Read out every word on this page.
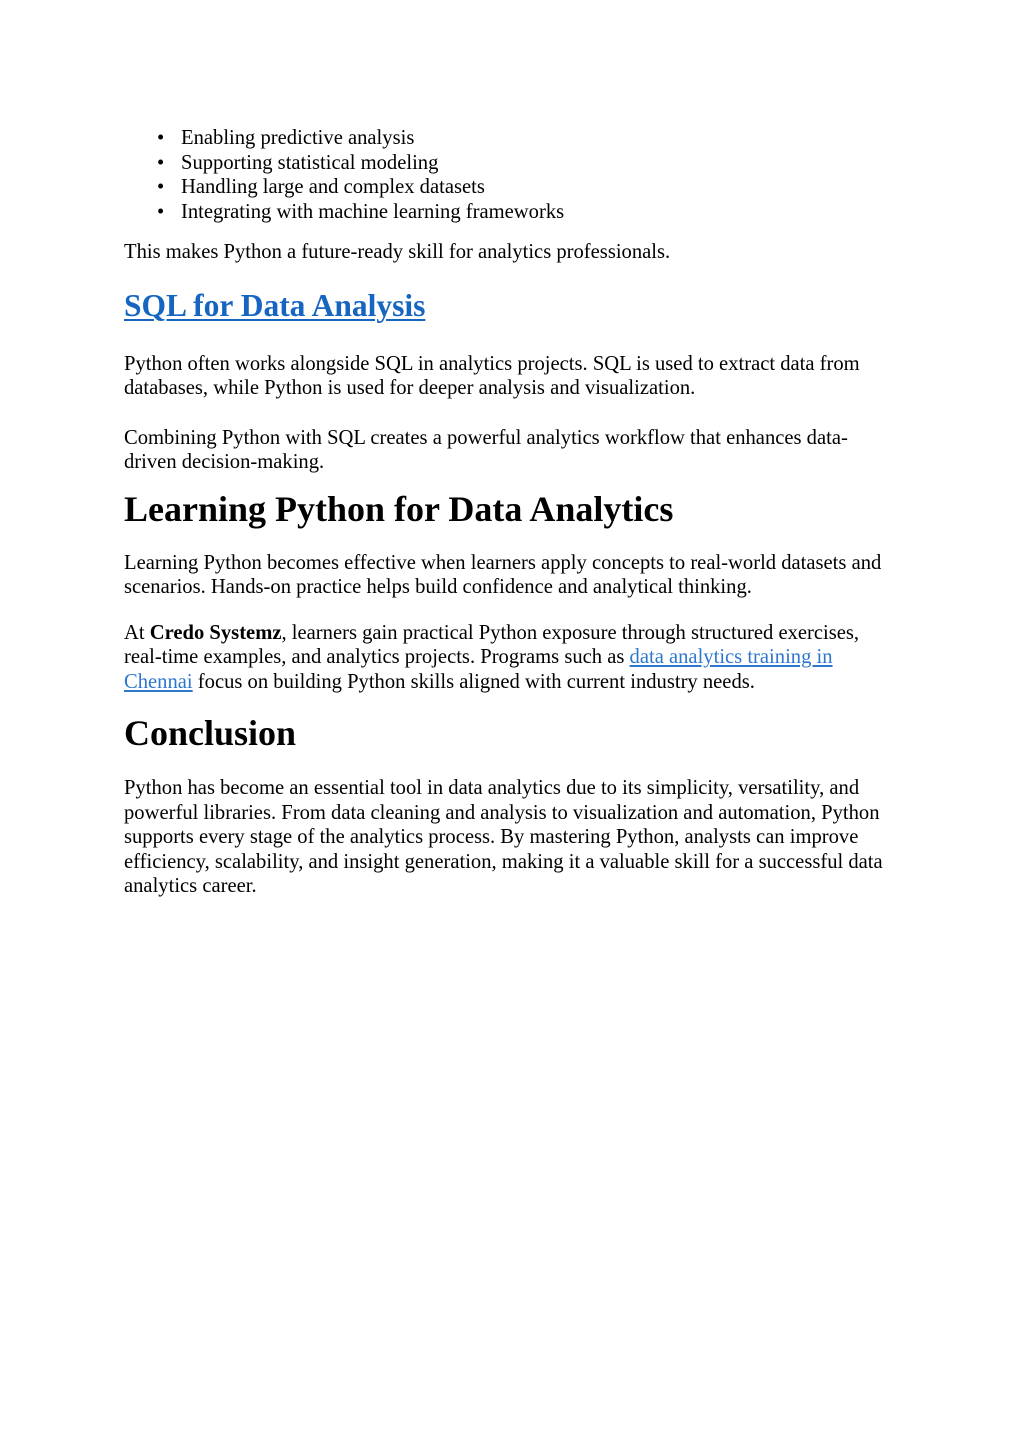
• Enabling predictive analysis
• Supporting statistical modeling
• Handling large and complex datasets
• Integrating with machine learning frameworks

This makes Python a future-ready skill for analytics professionals.

SQL for Data Analysis

Python often works alongside SQL in analytics projects. SQL is used to extract data from databases, while Python is used for deeper analysis and visualization.

Combining Python with SQL creates a powerful analytics workflow that enhances data-driven decision-making.

Learning Python for Data Analytics

Learning Python becomes effective when learners apply concepts to real-world datasets and scenarios. Hands-on practice helps build confidence and analytical thinking.

At Credo Systemz, learners gain practical Python exposure through structured exercises, real-time examples, and analytics projects. Programs such as data analytics training in Chennai focus on building Python skills aligned with current industry needs.

Conclusion

Python has become an essential tool in data analytics due to its simplicity, versatility, and powerful libraries. From data cleaning and analysis to visualization and automation, Python supports every stage of the analytics process. By mastering Python, analysts can improve efficiency, scalability, and insight generation, making it a valuable skill for a successful data analytics career.
